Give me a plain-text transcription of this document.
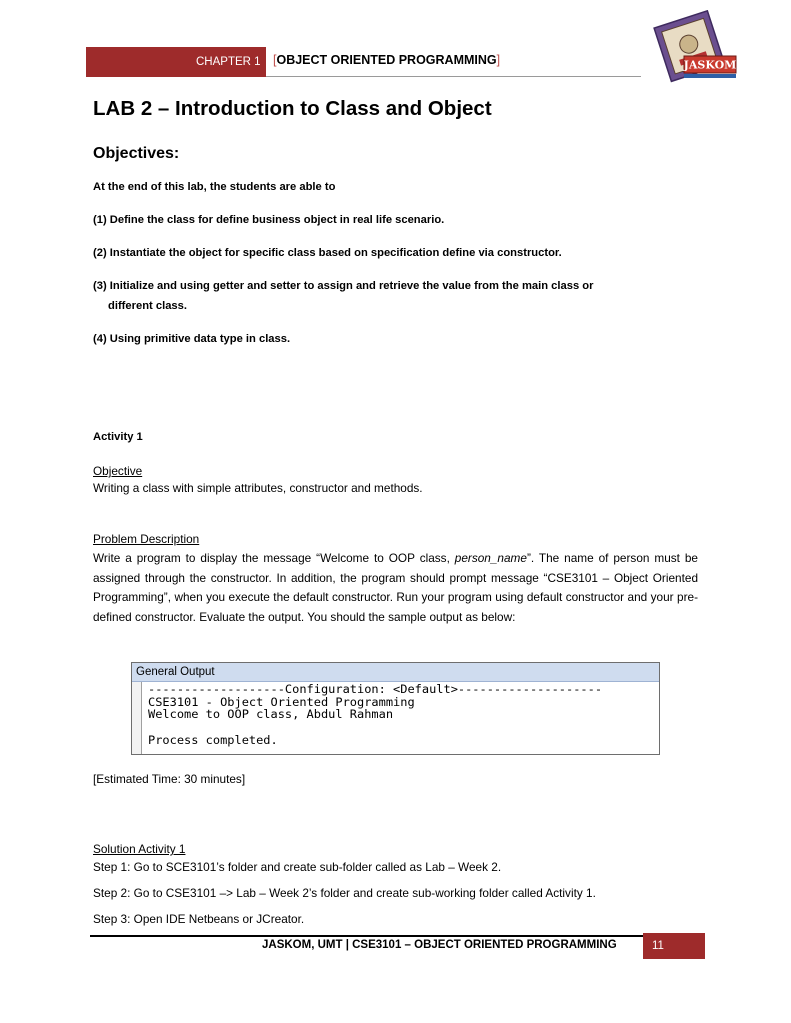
CHAPTER 1 [OBJECT ORIENTED PROGRAMMING]	JASKOM
LAB 2 – Introduction to Class and Object
Objectives:
At the end of this lab, the students are able to
(1) Define the class for define business object in real life scenario.
(2) Instantiate the object for specific class based on specification define via constructor.
(3) Initialize and using getter and setter to assign and retrieve the value from the main class or
different class.
(4) Using primitive data type in class.
Activity 1
Objective
Writing a class with simple attributes, constructor and methods.
Problem Description

Write a program to display the message “Welcome to OOP class, person_name”. The name of person must be assigned through the constructor. In addition, the program should prompt message “CSE3101 – Object Oriented Programming”, when you execute the default constructor. Run your program using default constructor and your pre-defined constructor. Evaluate the output. You should the sample output as below:

General Output
-------------------Configuration: <Default>--------------------
CSE3101 - Object Oriented Programming
Welcome to OOP class, Abdul Rahman

Process completed.
[Estimated Time: 30 minutes]
Solution Activity 1
Step 1: Go to SCE3101’s folder and create sub-folder called as Lab – Week 2.
Step 2: Go to CSE3101 –> Lab – Week 2’s folder and create sub-working folder called Activity 1.
Step 3: Open IDE Netbeans or JCreator.
JASKOM, UMT | CSE3101 – OBJECT ORIENTED PROGRAMMING	11
